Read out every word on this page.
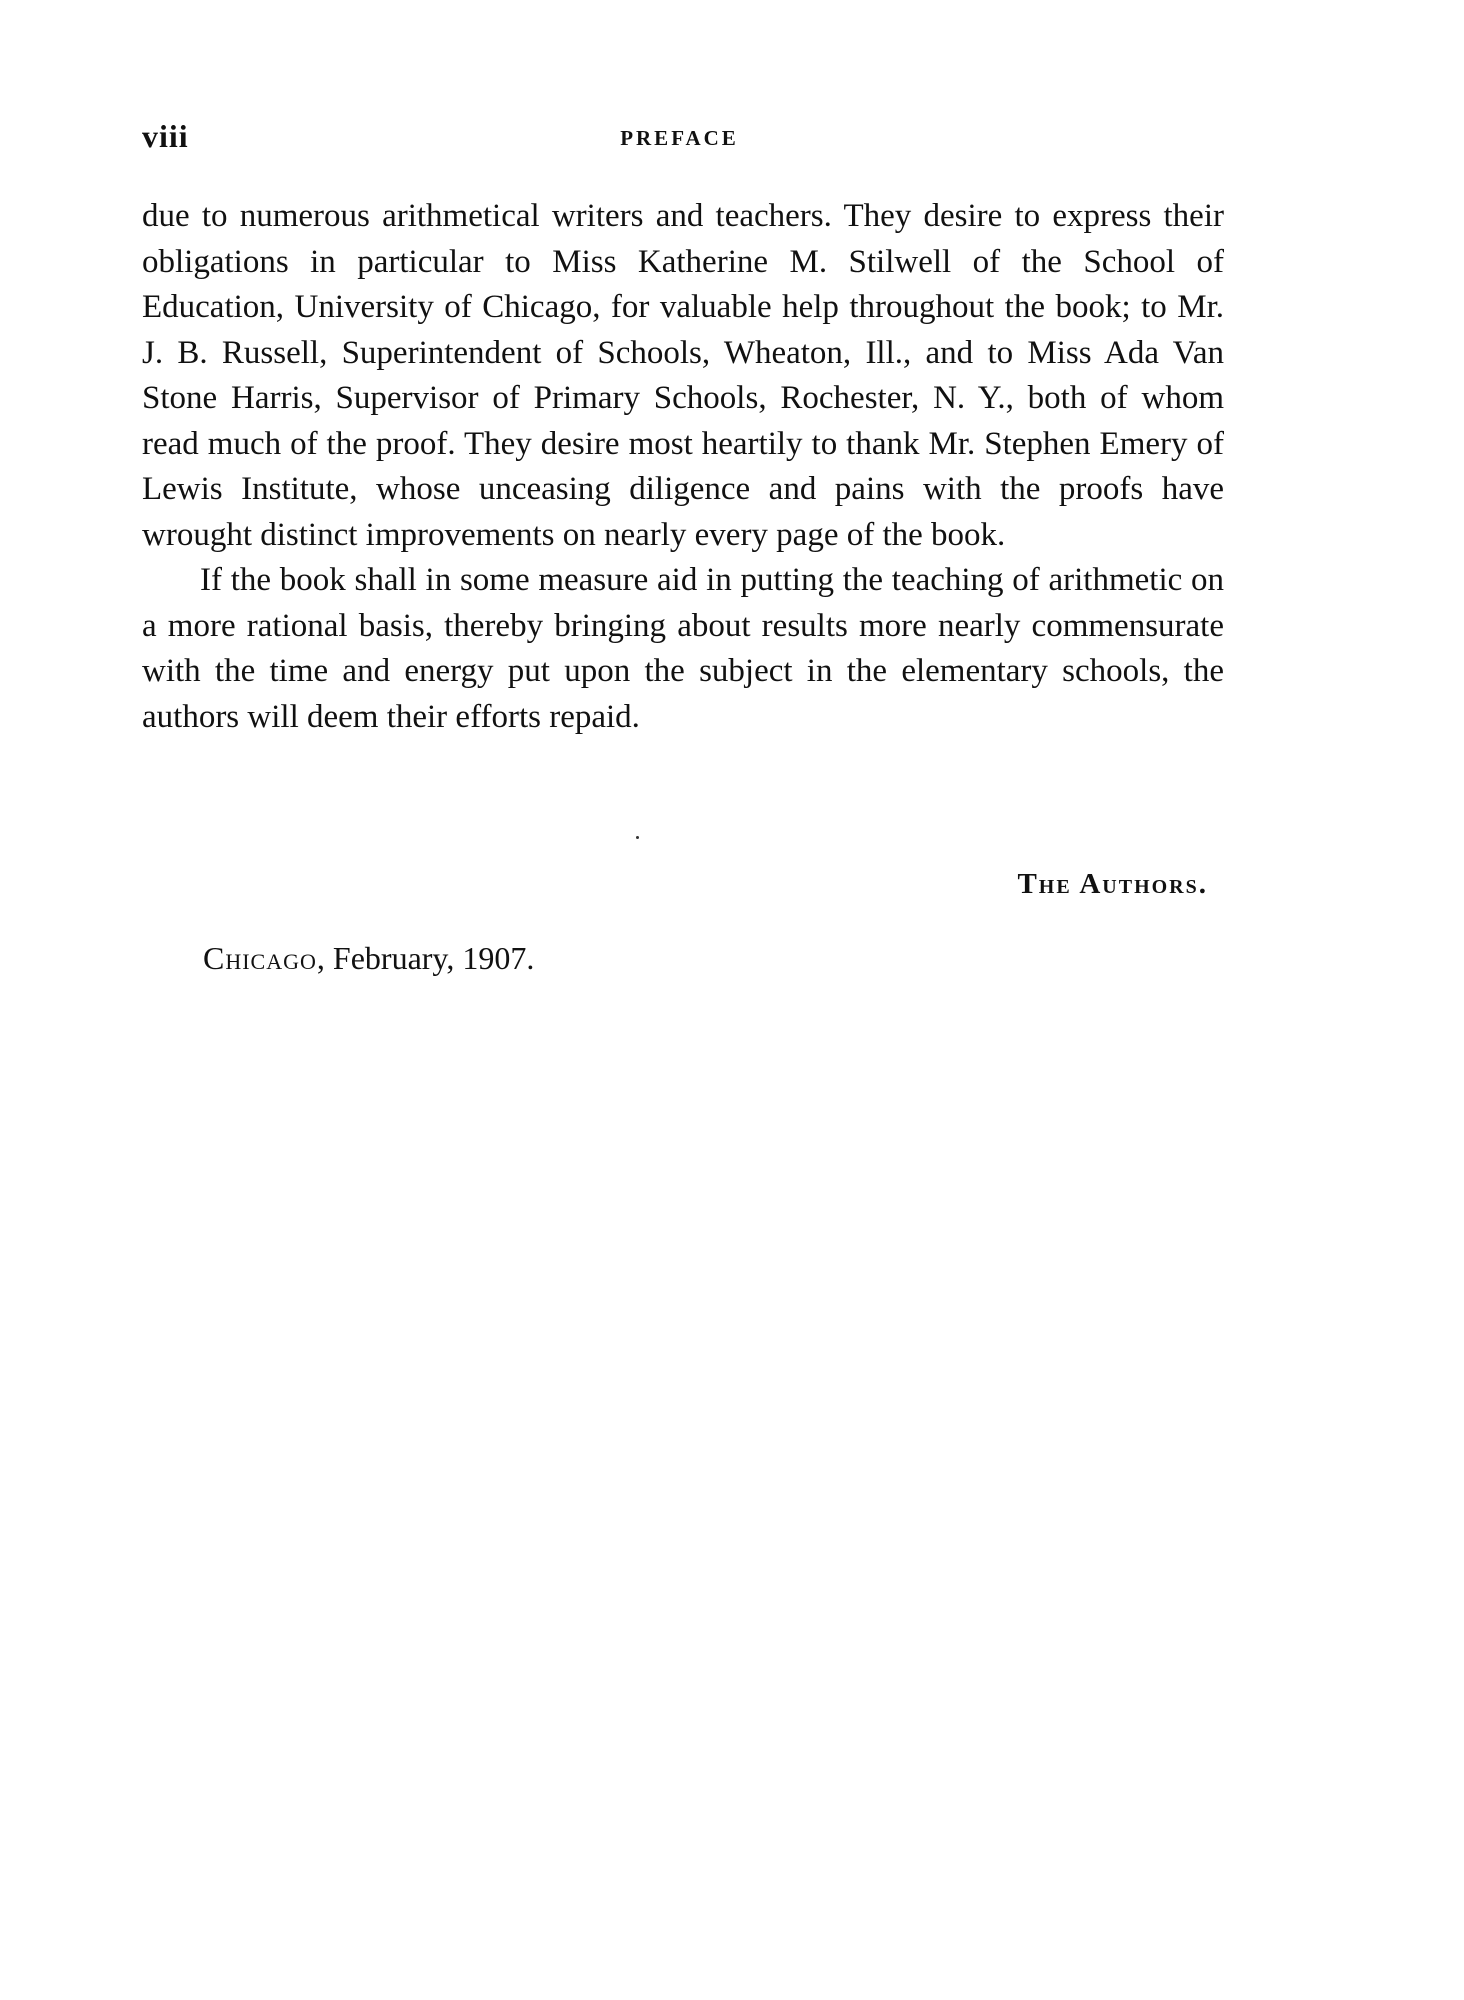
viii	PREFACE

due to numerous arithmetical writers and teachers. They desire to express their obligations in particular to Miss Katherine M. Stilwell of the School of Education, University of Chicago, for valuable help throughout the book; to Mr. J. B. Russell, Superintendent of Schools, Wheaton, Ill., and to Miss Ada Van Stone Harris, Supervisor of Primary Schools, Rochester, N. Y., both of whom read much of the proof. They desire most heartily to thank Mr. Stephen Emery of Lewis Institute, whose unceasing diligence and pains with the proofs have wrought distinct improvements on nearly every page of the book.

If the book shall in some measure aid in putting the teaching of arithmetic on a more rational basis, thereby bringing about results more nearly commensurate with the time and energy put upon the subject in the elementary schools, the authors will deem their efforts repaid.

The Authors.
Chicago, February, 1907.
